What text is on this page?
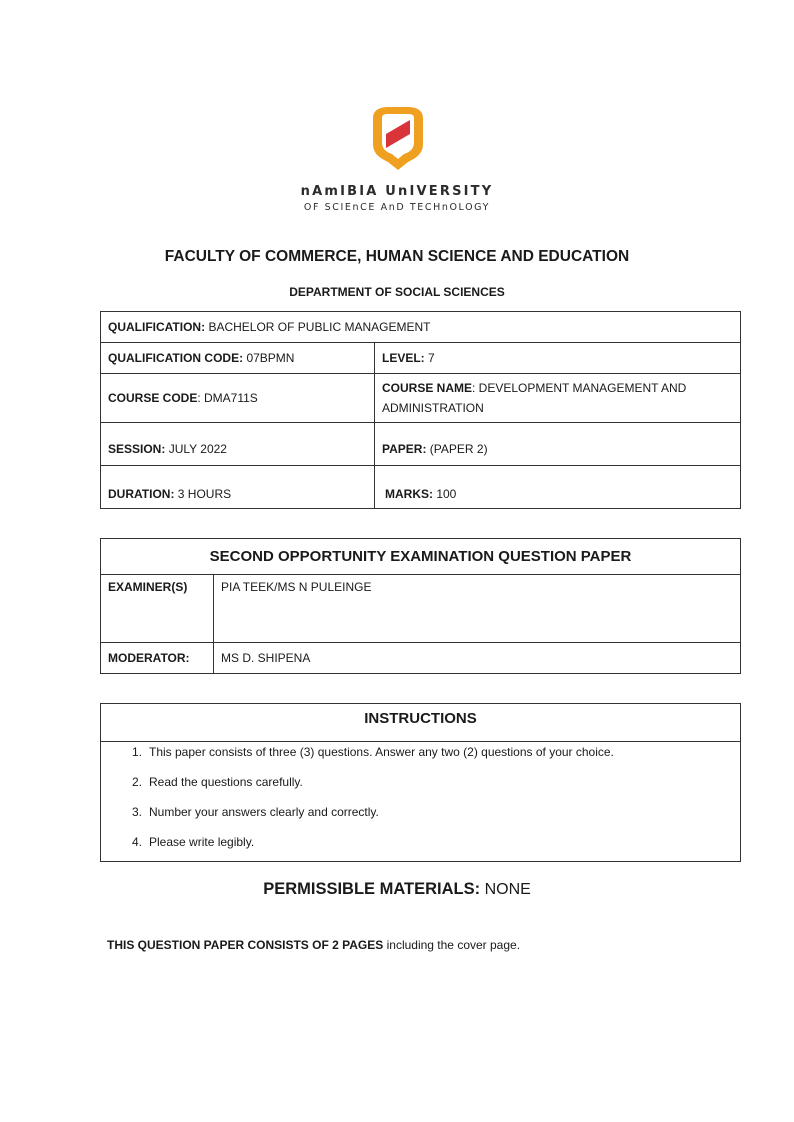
nAmIBIA UnIVERSITY
OF SCIEnCE AnD TECHnOLOGY
FACULTY OF COMMERCE, HUMAN SCIENCE AND EDUCATION
DEPARTMENT OF SOCIAL SCIENCES
QUALIFICATION: BACHELOR OF PUBLIC MANAGEMENT	
QUALIFICATION CODE: 07BPMN	LEVEL: 7
COURSE CODE: DMA711S	COURSE NAME: DEVELOPMENT MANAGEMENT AND ADMINISTRATION
SESSION: JULY 2022	PAPER: (PAPER 2)
DURATION: 3 HOURS	MARKS: 100
SECOND OPPORTUNITY EXAMINATION QUESTION PAPER	
EXAMINER(S)	PIA TEEK/MS N PULEINGE
MODERATOR:	MS D. SHIPENA
INSTRUCTIONS
1. This paper consists of three (3) questions. Answer any two (2) questions of your choice.
2. Read the questions carefully.
3. Number your answers clearly and correctly.
4. Please write legibly.
PERMISSIBLE MATERIALS: NONE
THIS QUESTION PAPER CONSISTS OF 2 PAGES including the cover page.
